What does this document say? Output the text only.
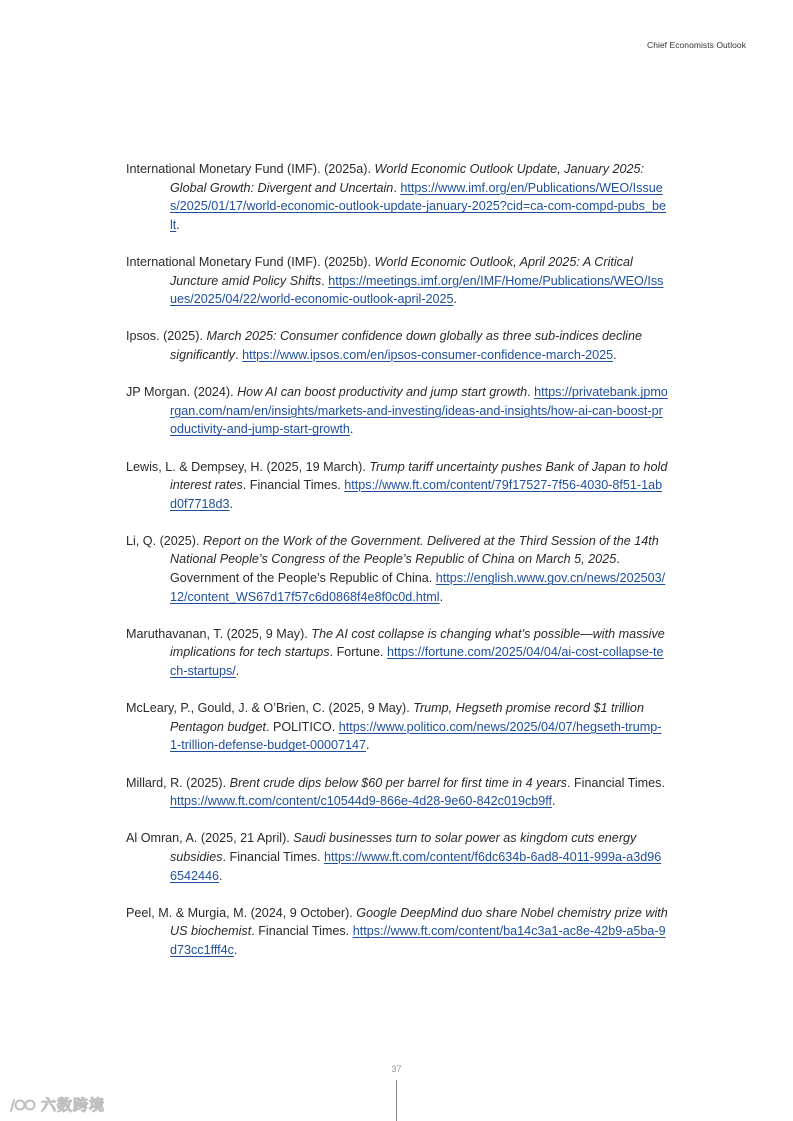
Chief Economists Outlook

International Monetary Fund (IMF). (2025a). World Economic Outlook Update, January 2025: Global Growth: Divergent and Uncertain. https://www.imf.org/en/Publications/WEO/Issues/2025/01/17/world-economic-outlook-update-january-2025?cid=ca-com-compd-pubs_belt.

International Monetary Fund (IMF). (2025b). World Economic Outlook, April 2025: A Critical Juncture amid Policy Shifts. https://meetings.imf.org/en/IMF/Home/Publications/WEO/Issues/2025/04/22/world-economic-outlook-april-2025.

Ipsos. (2025). March 2025: Consumer confidence down globally as three sub-indices decline significantly. https://www.ipsos.com/en/ipsos-consumer-confidence-march-2025.

JP Morgan. (2024). How AI can boost productivity and jump start growth. https://privatebank.jpmorgan.com/nam/en/insights/markets-and-investing/ideas-and-insights/how-ai-can-boost-productivity-and-jump-start-growth.

Lewis, L. & Dempsey, H. (2025, 19 March). Trump tariff uncertainty pushes Bank of Japan to hold interest rates. Financial Times. https://www.ft.com/content/79f17527-7f56-4030-8f51-1abd0f7718d3.

Li, Q. (2025). Report on the Work of the Government. Delivered at the Third Session of the 14th National People’s Congress of the People’s Republic of China on March 5, 2025. Government of the People’s Republic of China. https://english.www.gov.cn/news/202503/12/content_WS67d17f57c6d0868f4e8f0c0d.html.

Maruthavanan, T. (2025, 9 May). The AI cost collapse is changing what’s possible—with massive implications for tech startups. Fortune. https://fortune.com/2025/04/04/ai-cost-collapse-tech-startups/.

McLeary, P., Gould, J. & O’Brien, C. (2025, 9 May). Trump, Hegseth promise record $1 trillion Pentagon budget. POLITICO. https://www.politico.com/news/2025/04/07/hegseth-trump-1-trillion-defense-budget-00007147.

Millard, R. (2025). Brent crude dips below $60 per barrel for first time in 4 years. Financial Times. https://www.ft.com/content/c10544d9-866e-4d28-9e60-842c019cb9ff.

Al Omran, A. (2025, 21 April). Saudi businesses turn to solar power as kingdom cuts energy subsidies. Financial Times. https://www.ft.com/content/f6dc634b-6ad8-4011-999a-a3d966542446.

Peel, M. & Murgia, M. (2024, 9 October). Google DeepMind duo share Nobel chemistry prize with US biochemist. Financial Times. https://www.ft.com/content/ba14c3a1-ac8e-42b9-a5ba-9d73cc1fff4c.

37
六数跨境
